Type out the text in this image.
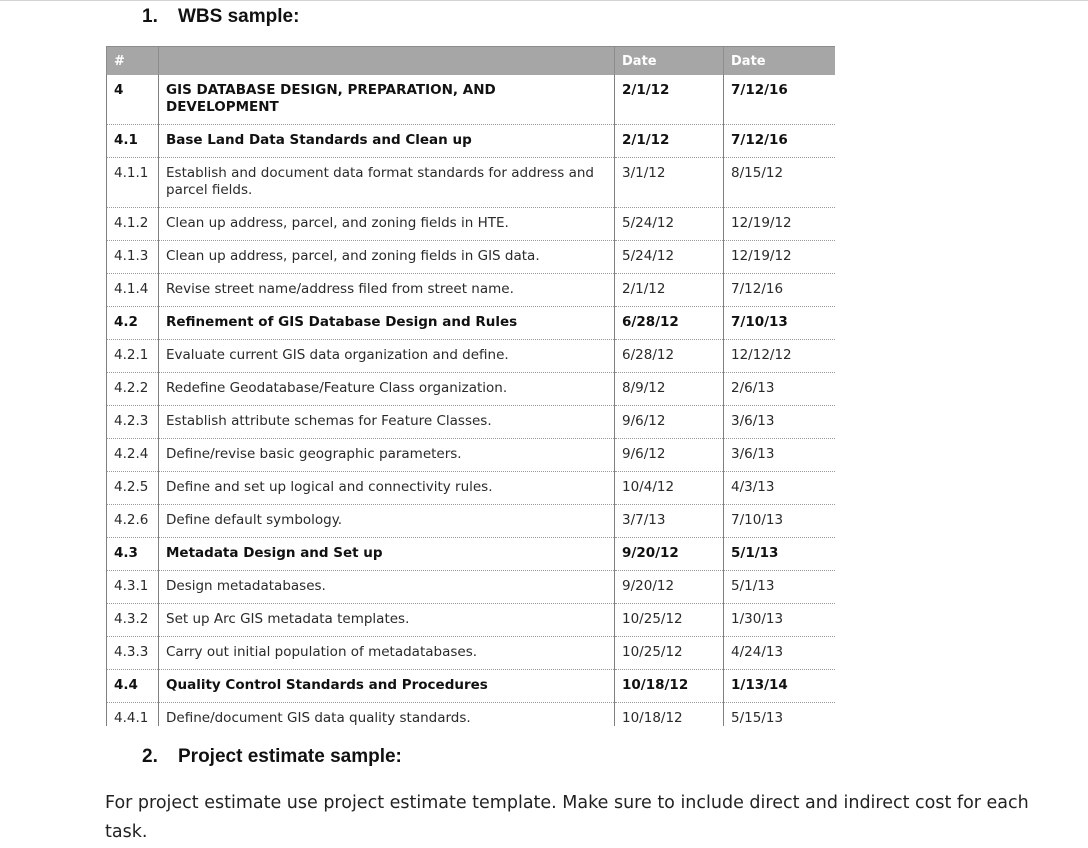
1. WBS sample:
#		Date	Date
4	GIS DATABASE DESIGN, PREPARATION, AND DEVELOPMENT	2/1/12	7/12/16
4.1	Base Land Data Standards and Clean up	2/1/12	7/12/16
4.1.1	Establish and document data format standards for address and parcel fields.	3/1/12	8/15/12
4.1.2	Clean up address, parcel, and zoning fields in HTE.	5/24/12	12/19/12
4.1.3	Clean up address, parcel, and zoning fields in GIS data.	5/24/12	12/19/12
4.1.4	Revise street name/address filed from street name.	2/1/12	7/12/16
4.2	Refinement of GIS Database Design and Rules	6/28/12	7/10/13
4.2.1	Evaluate current GIS data organization and define.	6/28/12	12/12/12
4.2.2	Redefine Geodatabase/Feature Class organization.	8/9/12	2/6/13
4.2.3	Establish attribute schemas for Feature Classes.	9/6/12	3/6/13
4.2.4	Define/revise basic geographic parameters.	9/6/12	3/6/13
4.2.5	Define and set up logical and connectivity rules.	10/4/12	4/3/13
4.2.6	Define default symbology.	3/7/13	7/10/13
4.3	Metadata Design and Set up	9/20/12	5/1/13
4.3.1	Design metadatabases.	9/20/12	5/1/13
4.3.2	Set up Arc GIS metadata templates.	10/25/12	1/30/13
4.3.3	Carry out initial population of metadatabases.	10/25/12	4/24/13
4.4	Quality Control Standards and Procedures	10/18/12	1/13/14
4.4.1	Define/document GIS data quality standards.	10/18/12	5/15/13
2. Project estimate sample:

For project estimate use project estimate template. Make sure to include direct and indirect cost for each task.
